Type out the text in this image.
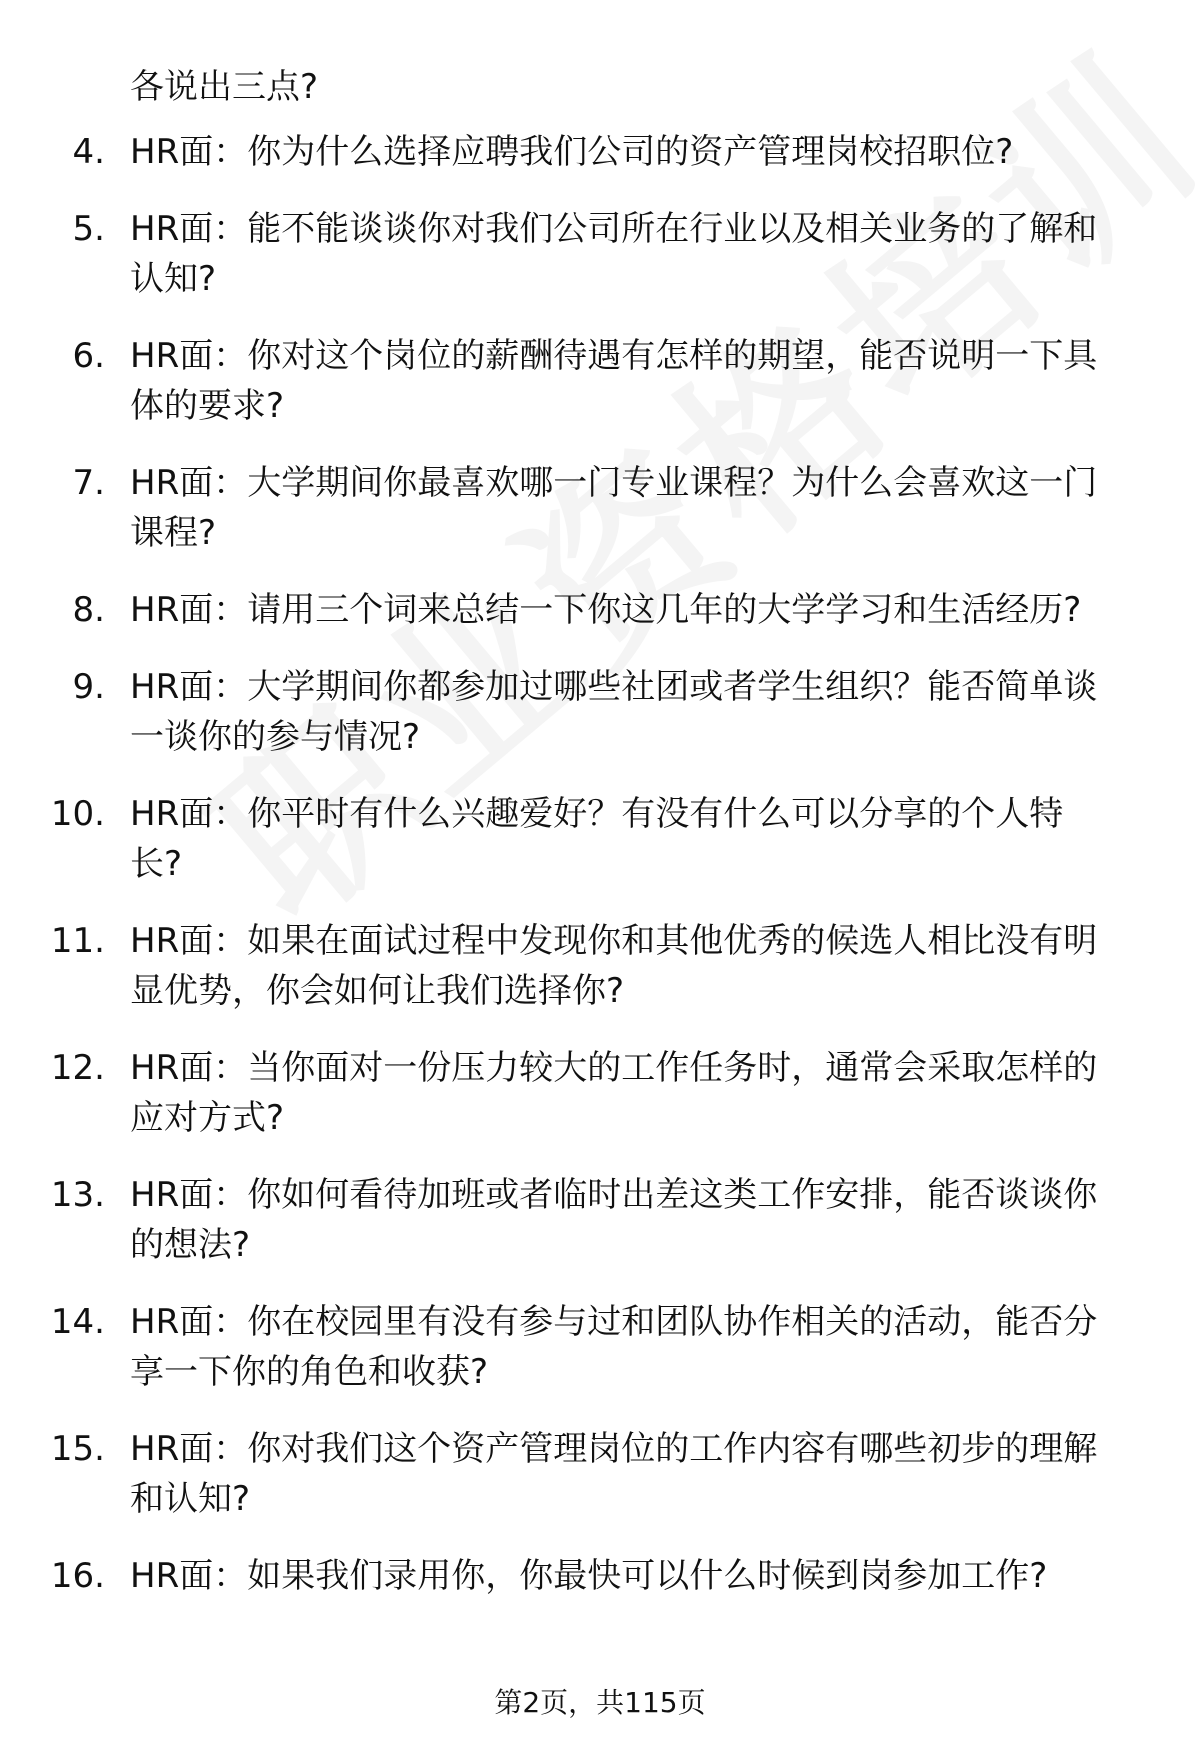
各说出三点?
4. HR面：你为什么选择应聘我们公司的资产管理岗校招职位?
5. HR面：能不能谈谈你对我们公司所在行业以及相关业务的了解和
认知?
6. HR面：你对这个岗位的薪酬待遇有怎样的期望，能否说明一下具
体的要求?
7. HR面：大学期间你最喜欢哪一门专业课程？为什么会喜欢这一门
课程?
8. HR面：请用三个词来总结一下你这几年的大学学习和生活经历?
9. HR面：大学期间你都参加过哪些社团或者学生组织？能否简单谈
一谈你的参与情况?
10. HR面：你平时有什么兴趣爱好？有没有什么可以分享的个人特
长?
11. HR面：如果在面试过程中发现你和其他优秀的候选人相比没有明
显优势，你会如何让我们选择你?
12. HR面：当你面对一份压力较大的工作任务时，通常会采取怎样的
应对方式?
13. HR面：你如何看待加班或者临时出差这类工作安排，能否谈谈你
的想法?
14. HR面：你在校园里有没有参与过和团队协作相关的活动，能否分
享一下你的角色和收获?
15. HR面：你对我们这个资产管理岗位的工作内容有哪些初步的理解
和认知?
16. HR面：如果我们录用你，你最快可以什么时候到岗参加工作?
第2页，共115页
